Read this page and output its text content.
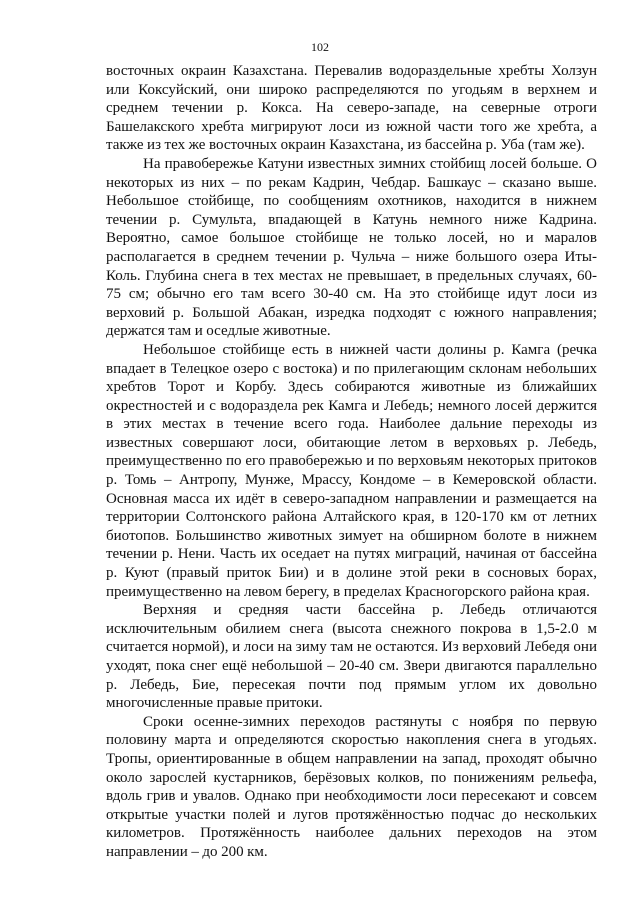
102

восточных окраин Казахстана. Перевалив водораздельные хребты Холзун или Коксуйский, они широко распределяются по угодьям в верхнем и среднем течении р. Кокса. На северо-западе, на северные отроги Башелакского хребта мигрируют лоси из южной части того же хребта, а также из тех же восточных окраин Казахстана, из бассейна р. Уба (там же).

На правобережье Катуни известных зимних стойбищ лосей больше. О некоторых из них – по рекам Кадрин, Чебдар. Башкаус – сказано выше. Небольшое стойбище, по сообщениям охотников, находится в нижнем течении р. Сумульта, впадающей в Катунь немного ниже Кадрина. Вероятно, самое большое стойбище не только лосей, но и маралов располагается в среднем течении р. Чульча – ниже большого озера Иты-Коль. Глубина снега в тех местах не превышает, в предельных случаях, 60-75 см; обычно его там всего 30-40 см. На это стойбище идут лоси из верховий р. Большой Абакан, изредка подходят с южного направления; держатся там и оседлые животные.

Небольшое стойбище есть в нижней части долины р. Камга (речка впадает в Телецкое озеро с востока) и по прилегающим склонам небольших хребтов Торот и Корбу. Здесь собираются животные из ближайших окрестностей и с водораздела рек Камга и Лебедь; немного лосей держится в этих местах в течение всего года. Наиболее дальние переходы из известных совершают лоси, обитающие летом в верховьях р. Лебедь, преимущественно по его правобережью и по верховьям некоторых притоков р. Томь – Антропу, Мунже, Мрассу, Кондоме – в Кемеровской области. Основная масса их идёт в северо-западном направлении и размещается на территории Солтонского района Алтайского края, в 120-170 км от летних биотопов. Большинство животных зимует на обширном болоте в нижнем течении р. Нени. Часть их оседает на путях миграций, начиная от бассейна р. Куют (правый приток Бии) и в долине этой реки в сосновых борах, преимущественно на левом берегу, в пределах Красногорского района края.

Верхняя и средняя части бассейна р. Лебедь отличаются исключительным обилием снега (высота снежного покрова в 1,5-2.0 м считается нормой), и лоси на зиму там не остаются. Из верховий Лебедя они уходят, пока снег ещё небольшой – 20-40 см. Звери двигаются параллельно р. Лебедь, Бие, пересекая почти под прямым углом их довольно многочисленные правые притоки.

Сроки осенне-зимних переходов растянуты с ноября по первую половину марта и определяются скоростью накопления снега в угодьях. Тропы, ориентированные в общем направлении на запад, проходят обычно около зарослей кустарников, берёзовых колков, по понижениям рельефа, вдоль грив и увалов. Однако при необходимости лоси пересекают и совсем открытые участки полей и лугов протяжённостью подчас до нескольких километров. Протяжённость наиболее дальних переходов на этом направлении – до 200 км.
